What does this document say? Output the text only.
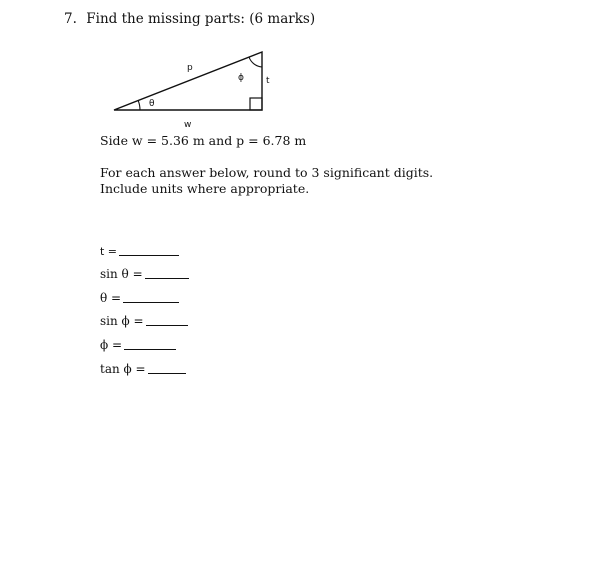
7. Find the missing parts: (6 marks)
p
t
w
θ
ϕ
Side w = 5.36 m and p = 6.78 m
For each answer below, round to 3 significant digits.
Include units where appropriate.
t =
sin θ =
θ =
sin ϕ =
ϕ =
tan ϕ =
